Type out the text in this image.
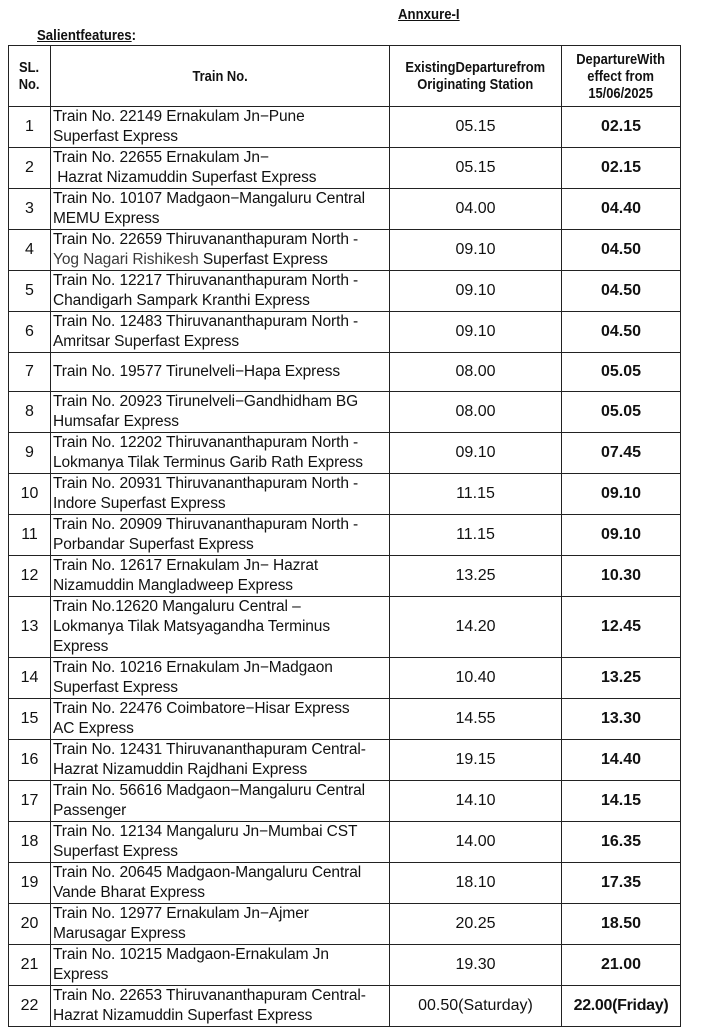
Annxure-I
Salientfeatures:
SL.
No.	Train No.	ExistingDeparturefrom
Originating Station	DepartureWith
effect from
15/06/2025
1	Train No. 22149 Ernakulam Jn−Pune
Superfast Express	05.15	02.15
2	Train No. 22655 Ernakulam Jn−
Hazrat Nizamuddin Superfast Express	05.15	02.15
3	Train No. 10107 Madgaon−Mangaluru Central
MEMU Express	04.00	04.40
4	Train No. 22659 Thiruvananthapuram North -
Yog Nagari Rishikesh Superfast Express	09.10	04.50
5	Train No. 12217 Thiruvananthapuram North -
Chandigarh Sampark Kranthi Express	09.10	04.50
6	Train No. 12483 Thiruvananthapuram North -
Amritsar Superfast Express	09.10	04.50
7	Train No. 19577 Tirunelveli−Hapa Express	08.00	05.05
8	Train No. 20923 Tirunelveli−Gandhidham BG
Humsafar Express	08.00	05.05
9	Train No. 12202 Thiruvananthapuram North -
Lokmanya Tilak Terminus Garib Rath Express	09.10	07.45
10	Train No. 20931 Thiruvananthapuram North -
Indore Superfast Express	11.15	09.10
11	Train No. 20909 Thiruvananthapuram North -
Porbandar Superfast Express	11.15	09.10
12	Train No. 12617 Ernakulam Jn− Hazrat
Nizamuddin Mangladweep Express	13.25	10.30
13	Train No.12620 Mangaluru Central –
Lokmanya Tilak Matsyagandha Terminus
Express	14.20	12.45
14	Train No. 10216 Ernakulam Jn−Madgaon
Superfast Express	10.40	13.25
15	Train No. 22476 Coimbatore−Hisar Express
AC Express	14.55	13.30
16	Train No. 12431 Thiruvananthapuram Central-
Hazrat Nizamuddin Rajdhani Express	19.15	14.40
17	Train No. 56616 Madgaon−Mangaluru Central
Passenger	14.10	14.15
18	Train No. 12134 Mangaluru Jn−Mumbai CST
Superfast Express	14.00	16.35
19	Train No. 20645 Madgaon-Mangaluru Central
Vande Bharat Express	18.10	17.35
20	Train No. 12977 Ernakulam Jn−Ajmer
Marusagar Express	20.25	18.50
21	Train No. 10215 Madgaon-Ernakulam Jn
Express	19.30	21.00
22	Train No. 22653 Thiruvananthapuram Central-
Hazrat Nizamuddin Superfast Express	00.50(Saturday)	22.00(Friday)
